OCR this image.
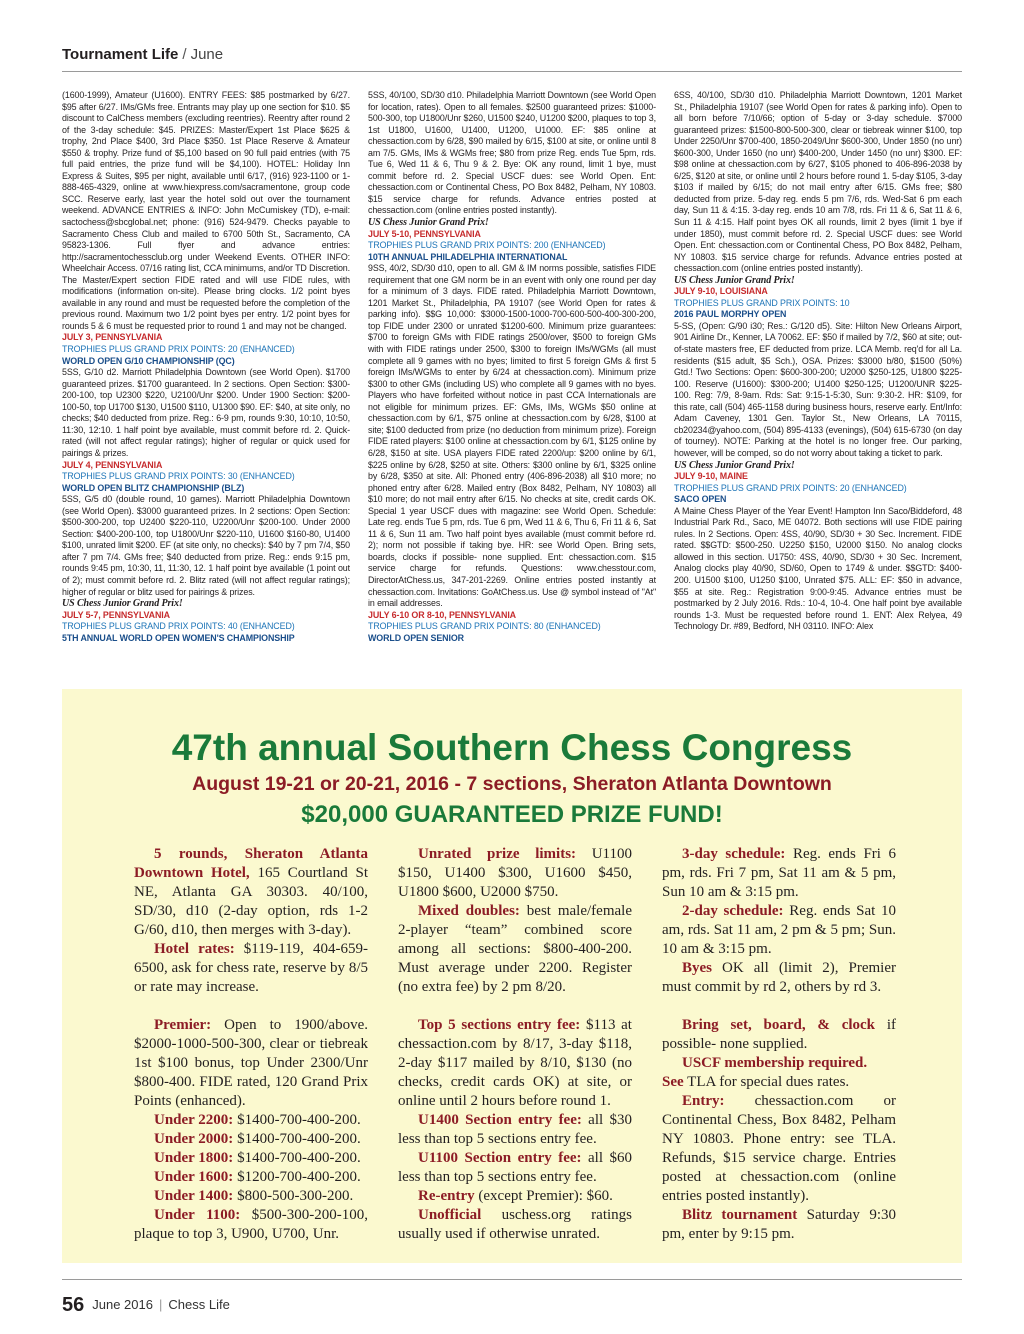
Tournament Life / June

(1600-1999), Amateur (U1600). ENTRY FEES: $85 postmarked by 6/27. $95 after 6/27. IMs/GMs free. Entrants may play up one section for $10. $5 discount to CalChess members (excluding reentries). Reentry after round 2 of the 3-day schedule: $45. PRIZES: Master/Expert 1st Place $625 & trophy, 2nd Place $400, 3rd Place $350. 1st Place Reserve & Amateur $550 & trophy. Prize fund of $5,100 based on 90 full paid entries (with 75 full paid entries, the prize fund will be $4,100). HOTEL: Holiday Inn Express & Suites, $95 per night, available until 6/17, (916) 923-1100 or 1-888-465-4329, online at www.hiexpress.com/sacramentone, group code SCC. Reserve early, last year the hotel sold out over the tournament weekend. ADVANCE ENTRIES & INFO: John McCumiskey (TD), e-mail: sactochess@sbcglobal.net; phone: (916) 524-9479. Checks payable to Sacramento Chess Club and mailed to 6700 50th St., Sacramento, CA 95823-1306. Full flyer and advance entries: http://sacramentochessclub.org under Weekend Events. OTHER INFO: Wheelchair Access. 07/16 rating list, CCA minimums, and/or TD Discretion. The Master/Expert section FIDE rated and will use FIDE rules, with modifications (information on-site). Please bring clocks. 1/2 point byes available in any round and must be requested before the completion of the previous round. Maximum two 1/2 point byes per entry. 1/2 point byes for rounds 5 & 6 must be requested prior to round 1 and may not be changed.

JULY 3, PENNSYLVANIA

TROPHIES PLUS GRAND PRIX POINTS: 20 (ENHANCED)

WORLD OPEN G/10 CHAMPIONSHIP (QC)

5SS, G/10 d2. Marriott Philadelphia Downtown (see World Open). $1700 guaranteed prizes. $1700 guaranteed. In 2 sections. Open Section: $300-200-100, top U2300 $220, U2100/Unr $200. Under 1900 Section: $200-100-50, top U1700 $130, U1500 $110, U1300 $90. EF: $40, at site only, no checks; $40 deducted from prize. Reg.: 6-9 pm, rounds 9:30, 10:10, 10:50, 11:30, 12:10. 1 half point bye available, must commit before rd. 2. Quick-rated (will not affect regular ratings); higher of regular or quick used for pairings & prizes.

JULY 4, PENNSYLVANIA

TROPHIES PLUS GRAND PRIX POINTS: 30 (ENHANCED)

WORLD OPEN BLITZ CHAMPIONSHIP (BLZ)

5SS, G/5 d0 (double round, 10 games). Marriott Philadelphia Downtown (see World Open). $3000 guaranteed prizes. In 2 sections: Open Section: $500-300-200, top U2400 $220-110, U2200/Unr $200-100. Under 2000 Section: $400-200-100, top U1800/Unr $220-110, U1600 $160-80, U1400 $100, unrated limit $200. EF (at site only, no checks): $40 by 7 pm 7/4, $50 after 7 pm 7/4. GMs free; $40 deducted from prize. Reg.: ends 9:15 pm, rounds 9:45 pm, 10:30, 11, 11:30, 12. 1 half point bye available (1 point out of 2); must commit before rd. 2. Blitz rated (will not affect regular ratings); higher of regular or blitz used for pairings & prizes.

US Chess Junior Grand Prix!

JULY 5-7, PENNSYLVANIA

TROPHIES PLUS GRAND PRIX POINTS: 40 (ENHANCED)

5TH ANNUAL WORLD OPEN WOMEN'S CHAMPIONSHIP

5SS, 40/100, SD/30 d10. Philadelphia Marriott Downtown (see World Open for location, rates). Open to all females. $2500 guaranteed prizes: $1000-500-300, top U1800/Unr $260, U1500 $240, U1200 $200, plaques to top 3, 1st U1800, U1600, U1400, U1200, U1000. EF: $85 online at chessaction.com by 6/28, $90 mailed by 6/15, $100 at site, or online until 8 am 7/5. GMs, IMs & WGMs free; $80 from prize Reg. ends Tue 5pm, rds. Tue 6, Wed 11 & 6, Thu 9 & 2. Bye: OK any round, limit 1 bye, must commit before rd. 2. Special USCF dues: see World Open. Ent: chessaction.com or Continental Chess, PO Box 8482, Pelham, NY 10803. $15 service charge for refunds. Advance entries posted at chessaction.com (online entries posted instantly).

US Chess Junior Grand Prix!

JULY 5-10, PENNSYLVANIA

TROPHIES PLUS GRAND PRIX POINTS: 200 (ENHANCED)

10TH ANNUAL PHILADELPHIA INTERNATIONAL

9SS, 40/2, SD/30 d10, open to all. GM & IM norms possible, satisfies FIDE requirement that one GM norm be in an event with only one round per day for a minimum of 3 days. FIDE rated. Philadelphia Marriott Downtown, 1201 Market St., Philadelphia, PA 19107 (see World Open for rates & parking info). $$G 10,000: $3000-1500-1000-700-600-500-400-300-200, top FIDE under 2300 or unrated $1200-600. Minimum prize guarantees: $700 to foreign GMs with FIDE ratings 2500/over, $500 to foreign GMs with with FIDE ratings under 2500, $300 to foreign IMs/WGMs (all must complete all 9 games with no byes; limited to first 5 foreign GMs & first 5 foreign IMs/WGMs to enter by 6/24 at chessaction.com). Minimum prize $300 to other GMs (including US) who complete all 9 games with no byes. Players who have forfeited without notice in past CCA Internationals are not eligible for minimum prizes. EF: GMs, IMs, WGMs $50 online at chessaction.com by 6/1, $75 online at chessaction.com by 6/28, $100 at site; $100 deducted from prize (no deduction from minimum prize). Foreign FIDE rated players: $100 online at chessaction.com by 6/1, $125 online by 6/28, $150 at site. USA players FIDE rated 2200/up: $200 online by 6/1, $225 online by 6/28, $250 at site. Others: $300 online by 6/1, $325 online by 6/28, $350 at site. All: Phoned entry (406-896-2038) all $10 more; no phoned entry after 6/28. Mailed entry (Box 8482, Pelham, NY 10803) all $10 more; do not mail entry after 6/15. No checks at site, credit cards OK. Special 1 year USCF dues with magazine: see World Open. Schedule: Late reg. ends Tue 5 pm, rds. Tue 6 pm, Wed 11 & 6, Thu 6, Fri 11 & 6, Sat 11 & 6, Sun 11 am. Two half point byes available (must commit before rd. 2); norm not possible if taking bye. HR: see World Open. Bring sets, boards, clocks if possible- none supplied. Ent: chessaction.com. $15 service charge for refunds. Questions: www.chesstour.com, DirectorAtChess.us, 347-201-2269. Online entries posted instantly at chessaction.com. Invitations: GoAtChess.us. Use @ symbol instead of "At" in email addresses.

JULY 6-10 OR 8-10, PENNSYLVANIA

TROPHIES PLUS GRAND PRIX POINTS: 80 (ENHANCED)

WORLD OPEN SENIOR

6SS, 40/100, SD/30 d10. Philadelphia Marriott Downtown, 1201 Market St., Philadelphia 19107 (see World Open for rates & parking info). Open to all born before 7/10/66; option of 5-day or 3-day schedule. $7000 guaranteed prizes: $1500-800-500-300, clear or tiebreak winner $100, top Under 2250/Unr $700-400, 1850-2049/Unr $600-300, Under 1850 (no unr) $600-300, Under 1650 (no unr) $400-200, Under 1450 (no unr) $300. EF: $98 online at chessaction.com by 6/27, $105 phoned to 406-896-2038 by 6/25, $120 at site, or online until 2 hours before round 1. 5-day $105, 3-day $103 if mailed by 6/15; do not mail entry after 6/15. GMs free; $80 deducted from prize. 5-day reg. ends 5 pm 7/6, rds. Wed-Sat 6 pm each day, Sun 11 & 4:15. 3-day reg. ends 10 am 7/8, rds. Fri 11 & 6, Sat 11 & 6, Sun 11 & 4:15. Half point byes OK all rounds, limit 2 byes (limit 1 bye if under 1850), must commit before rd. 2. Special USCF dues: see World Open. Ent: chessaction.com or Continental Chess, PO Box 8482, Pelham, NY 10803. $15 service charge for refunds. Advance entries posted at chessaction.com (online entries posted instantly).

US Chess Junior Grand Prix!

JULY 9-10, LOUISIANA

TROPHIES PLUS GRAND PRIX POINTS: 10

2016 PAUL MORPHY OPEN

5-SS, (Open: G/90 i30; Res.: G/120 d5). Site: Hilton New Orleans Airport, 901 Airline Dr., Kenner, LA 70062. EF: $50 if mailed by 7/2, $60 at site; out-of-state masters free, EF deducted from prize. LCA Memb. req'd for all La. residents ($15 adult, $5 Sch.), OSA. Prizes: $3000 b/80, $1500 (50%) Gtd.! Two Sections: Open: $600-300-200; U2000 $250-125, U1800 $225-100. Reserve (U1600): $300-200; U1400 $250-125; U1200/UNR $225-100. Reg: 7/9, 8-9am. Rds: Sat: 9:15-1-5:30, Sun: 9:30-2. HR: $109, for this rate, call (504) 465-1158 during business hours, reserve early. Ent/Info: Adam Caveney, 1301 Gen. Taylor St., New Orleans, LA 70115, cb20234@yahoo.com, (504) 895-4133 (evenings), (504) 615-6730 (on day of tourney). NOTE: Parking at the hotel is no longer free. Our parking, however, will be comped, so do not worry about taking a ticket to park.

US Chess Junior Grand Prix!

JULY 9-10, MAINE

TROPHIES PLUS GRAND PRIX POINTS: 20 (ENHANCED)

SACO OPEN

A Maine Chess Player of the Year Event! Hampton Inn Saco/Biddeford, 48 Industrial Park Rd., Saco, ME 04072. Both sections will use FIDE pairing rules. In 2 Sections. Open: 4SS, 40/90, SD/30 + 30 Sec. Increment. FIDE rated. $$GTD: $500-250. U2250 $150, U2000 $150. No analog clocks allowed in this section. U1750: 4SS, 40/90, SD/30 + 30 Sec. Increment, Analog clocks play 40/90, SD/60, Open to 1749 & under. $$GTD: $400-200. U1500 $100, U1250 $100, Unrated $75. ALL: EF: $50 in advance, $55 at site. Reg.: Registration 9:00-9:45. Advance entries must be postmarked by 2 July 2016. Rds.: 10-4, 10-4. One half point bye available rounds 1-3. Must be requested before round 1. ENT: Alex Relyea, 49 Technology Dr. #89, Bedford, NH 03110. INFO: Alex

47th annual Southern Chess Congress
August 19-21 or 20-21, 2016 - 7 sections, Sheraton Atlanta Downtown
$20,000 GUARANTEED PRIZE FUND!

5 rounds, Sheraton Atlanta Downtown Hotel, 165 Courtland St NE, Atlanta GA 30303. 40/100, SD/30, d10 (2-day option, rds 1-2 G/60, d10, then merges with 3-day).

Hotel rates: $119-119, 404-659-6500, ask for chess rate, reserve by 8/5 or rate may increase.

Premier: Open to 1900/above. $2000-1000-500-300, clear or tiebreak 1st $100 bonus, top Under 2300/Unr $800-400. FIDE rated, 120 Grand Prix Points (enhanced).

Under 2200: $1400-700-400-200.

Under 2000: $1400-700-400-200.

Under 1800: $1400-700-400-200.

Under 1600: $1200-700-400-200.

Under 1400: $800-500-300-200.

Under 1100: $500-300-200-100, plaque to top 3, U900, U700, Unr.

Unrated prize limits: U1100 $150, U1400 $300, U1600 $450, U1800 $600, U2000 $750.

Mixed doubles: best male/female 2-player “team” combined score among all sections: $800-400-200. Must average under 2200. Register (no extra fee) by 2 pm 8/20.

Top 5 sections entry fee: $113 at chessaction.com by 8/17, 3-day $118, 2-day $117 mailed by 8/10, $130 (no checks, credit cards OK) at site, or online until 2 hours before round 1.

U1400 Section entry fee: all $30 less than top 5 sections entry fee.

U1100 Section entry fee: all $60 less than top 5 sections entry fee.

Re-entry (except Premier): $60.

Unofficial uschess.org ratings usually used if otherwise unrated.

3-day schedule: Reg. ends Fri 6 pm, rds. Fri 7 pm, Sat 11 am & 5 pm, Sun 10 am & 3:15 pm.

2-day schedule: Reg. ends Sat 10 am, rds. Sat 11 am, 2 pm & 5 pm; Sun. 10 am & 3:15 pm.

Byes OK all (limit 2), Premier must commit by rd 2, others by rd 3.

Bring set, board, & clock if possible- none supplied.

USCF membership required.

See TLA for special dues rates.

Entry: chessaction.com or Continental Chess, Box 8482, Pelham NY 10803. Phone entry: see TLA. Refunds, $15 service charge. Entries posted at chessaction.com (online entries posted instantly).

Blitz tournament Saturday 9:30 pm, enter by 9:15 pm.

56 June 2016 | Chess Life
